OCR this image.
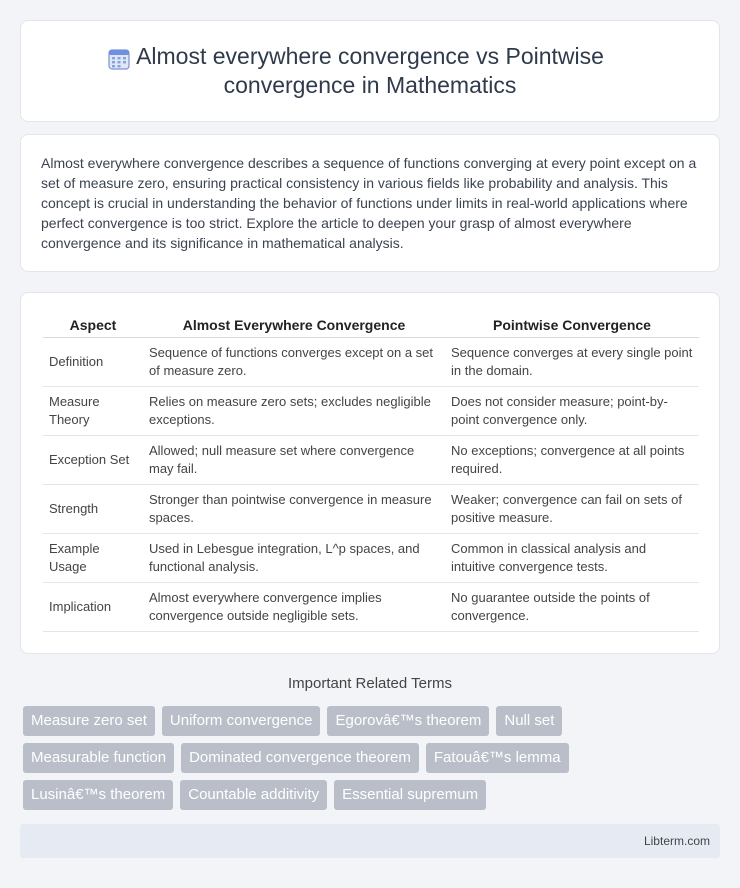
Almost everywhere convergence vs Pointwise convergence in Mathematics

Almost everywhere convergence describes a sequence of functions converging at every point except on a set of measure zero, ensuring practical consistency in various fields like probability and analysis. This concept is crucial in understanding the behavior of functions under limits in real-world applications where perfect convergence is too strict. Explore the article to deepen your grasp of almost everywhere convergence and its significance in mathematical analysis.

Aspect	Almost Everywhere Convergence	Pointwise Convergence
Definition	Sequence of functions converges except on a set of measure zero.	Sequence converges at every single point in the domain.
Measure Theory	Relies on measure zero sets; excludes negligible exceptions.	Does not consider measure; point-by-point convergence only.
Exception Set	Allowed; null measure set where convergence may fail.	No exceptions; convergence at all points required.
Strength	Stronger than pointwise convergence in measure spaces.	Weaker; convergence can fail on sets of positive measure.
Example Usage	Used in Lebesgue integration, L^p spaces, and functional analysis.	Common in classical analysis and intuitive convergence tests.
Implication	Almost everywhere convergence implies convergence outside negligible sets.	No guarantee outside the points of convergence.
Important Related Terms
Measure zero set	Uniform convergence	Egorovâ€™s theorem	Null set
Measurable function	Dominated convergence theorem	Fatouâ€™s lemma
Lusinâ€™s theorem	Countable additivity	Essential supremum
Libterm.com
